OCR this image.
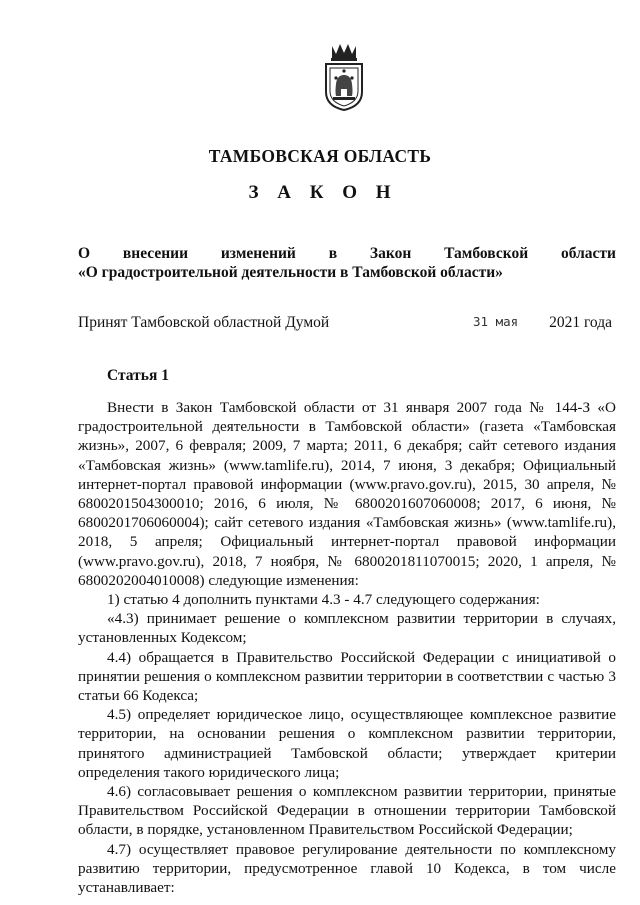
ТАМБОВСКАЯ ОБЛАСТЬ
З А К О Н
О внесении изменений в Закон Тамбовской области
«О градостроительной деятельности в Тамбовской области»
Принят Тамбовской областной Думой	31 мая 2021 года
Статья 1

Внести в Закон Тамбовской области от 31 января 2007 года № 144-З «О градостроительной деятельности в Тамбовской области» (газета «Тамбовская жизнь», 2007, 6 февраля; 2009, 7 марта; 2011, 6 декабря; сайт сетевого издания «Тамбовская жизнь» (www.tamlife.ru), 2014, 7 июня, 3 декабря; Официальный интернет-портал правовой информации (www.pravo.gov.ru), 2015, 30 апреля, № 6800201504300010; 2016, 6 июля, № 6800201607060008; 2017, 6 июня, № 6800201706060004); сайт сетевого издания «Тамбовская жизнь» (www.tamlife.ru), 2018, 5 апреля; Официальный интернет-портал правовой информации (www.pravo.gov.ru), 2018, 7 ноября, № 6800201811070015; 2020, 1 апреля, № 6800202004010008) следующие изменения:

1) статью 4 дополнить пунктами 4.3 - 4.7 следующего содержания:

«4.3) принимает решение о комплексном развитии территории в случаях, установленных Кодексом;

4.4) обращается в Правительство Российской Федерации с инициативой о принятии решения о комплексном развитии территории в соответствии с частью 3 статьи 66 Кодекса;

4.5) определяет юридическое лицо, осуществляющее комплексное развитие территории, на основании решения о комплексном развитии территории, принятого администрацией Тамбовской области; утверждает критерии определения такого юридического лица;

4.6) согласовывает решения о комплексном развитии территории, принятые Правительством Российской Федерации в отношении территории Тамбовской области, в порядке, установленном Правительством Российской Федерации;

4.7) осуществляет правовое регулирование деятельности по комплексному развитию территории, предусмотренное главой 10 Кодекса, в том числе устанавливает:
